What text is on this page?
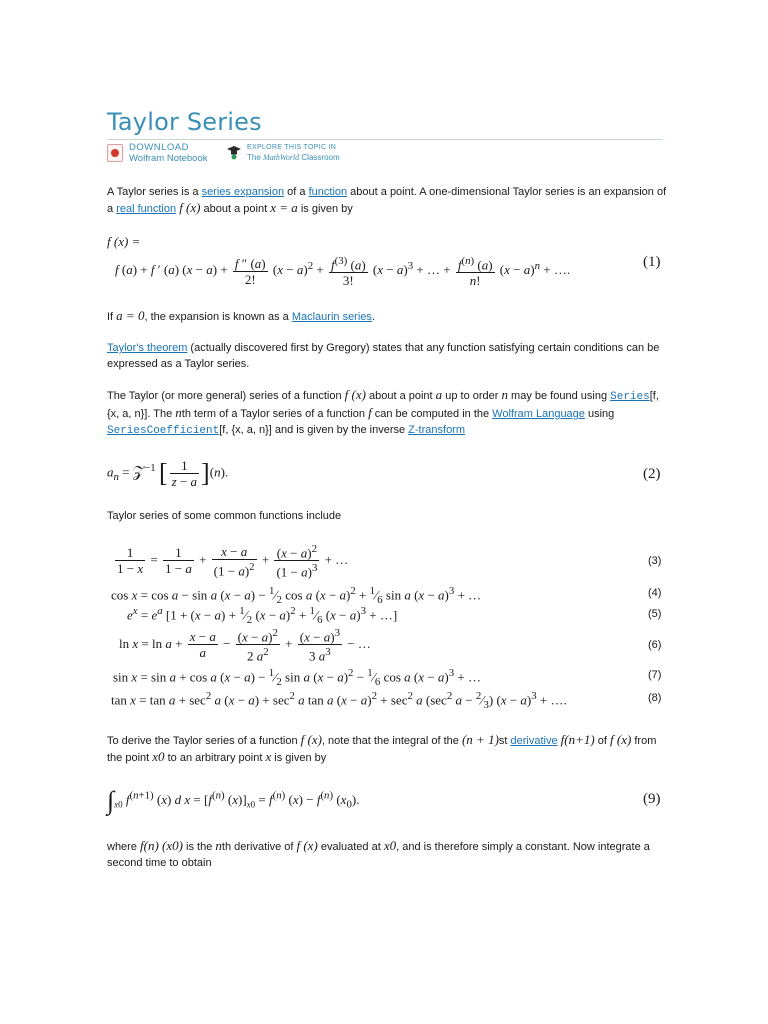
Taylor Series
DOWNLOAD
Wolfram Notebook
EXPLORE THIS TOPIC IN
The MathWorld Classroom
A Taylor series is a series expansion of a function about a point. A one-dimensional Taylor series is an expansion of a real function f (x) about a point x = a is given by
f (x) =
f (a) + f ′ (a) $(x - a) + \frac{f '' (a)}{2!} (x - a)^2 + \frac{f^{(3)} (a)}{3!} (x - a)^3$ + … + $\frac{f^{(n)} (a)}{n!} (x - a)^n$ + ….	(1)
If a = 0, the expansion is known as a Maclaurin series.
Taylor's theorem (actually discovered first by Gregory) states that any function satisfying certain conditions can be expressed as a Taylor series.
The Taylor (or more general) series of a function f (x) about a point a up to order n may be found using Series[f, {x, a, n}]. The nth term of a Taylor series of a function f can be computed in the Wolfram Language using SeriesCoefficient[f, {x, a, n}] and is given by the inverse Z-transform
$a_n$ = 𝒵$^{-1}$ [ $\frac{1}{z - a} ](n)$.	(2)
Taylor series of some common functions include
$\frac{1}{1 - x} = \frac{1}{1 - a} + \frac{x - a}{(1 - a)^2} + \frac{(x - a)^2}{(1 - a)^3}$ + …	(3)
cos x = cos a − sin a $(x - a) - ^1⁄_2$ cos a $(x - a)^2$ + $^1⁄_6$ sin a $(x - a)^3$ + …	(4)
$e^x = e^a$ [$1 + (x - a) + ^1⁄_2$ $(x - a)^2$ + $^1⁄_6$ $(x - a)^3$ + …]	(5)
$\ln x = \ln a + \frac{x - a}{a} - \frac{(x - a)^2}{2 a^2} + \frac{(x - a)^3}{3 a^3}$ − …	(6)
sin x = sin a + cos a $(x - a) - ^1⁄_2$ sin a $(x - a)^2$ − $^1⁄_6$ cos a $(x - a)^3$ + …	(7)
$\tan x = \tan a + \sec^2 a$ $(x - a) + \sec^2 a$ tan a $(x - a)^2 + \sec^2 a$ ($\sec^2$ $a - ^2⁄_3$) $(x - a)^3$ + ….	(8)
To derive the Taylor series of a function f (x), note that the integral of the (n + 1)st derivative f(n+1) of f (x) from the point x0 to an arbitrary point x is given by
$\int_{x0}$ $f^{(n+1)}$ (x) d $x = [f^{(n)}$ $(x)]_{x0} = f^{(n)}$ $(x) - f^{(n)}$ $(x_0)$.	(9)
where f(n) (x0) is the nth derivative of f (x) evaluated at x0, and is therefore simply a constant. Now integrate a second time to obtain
